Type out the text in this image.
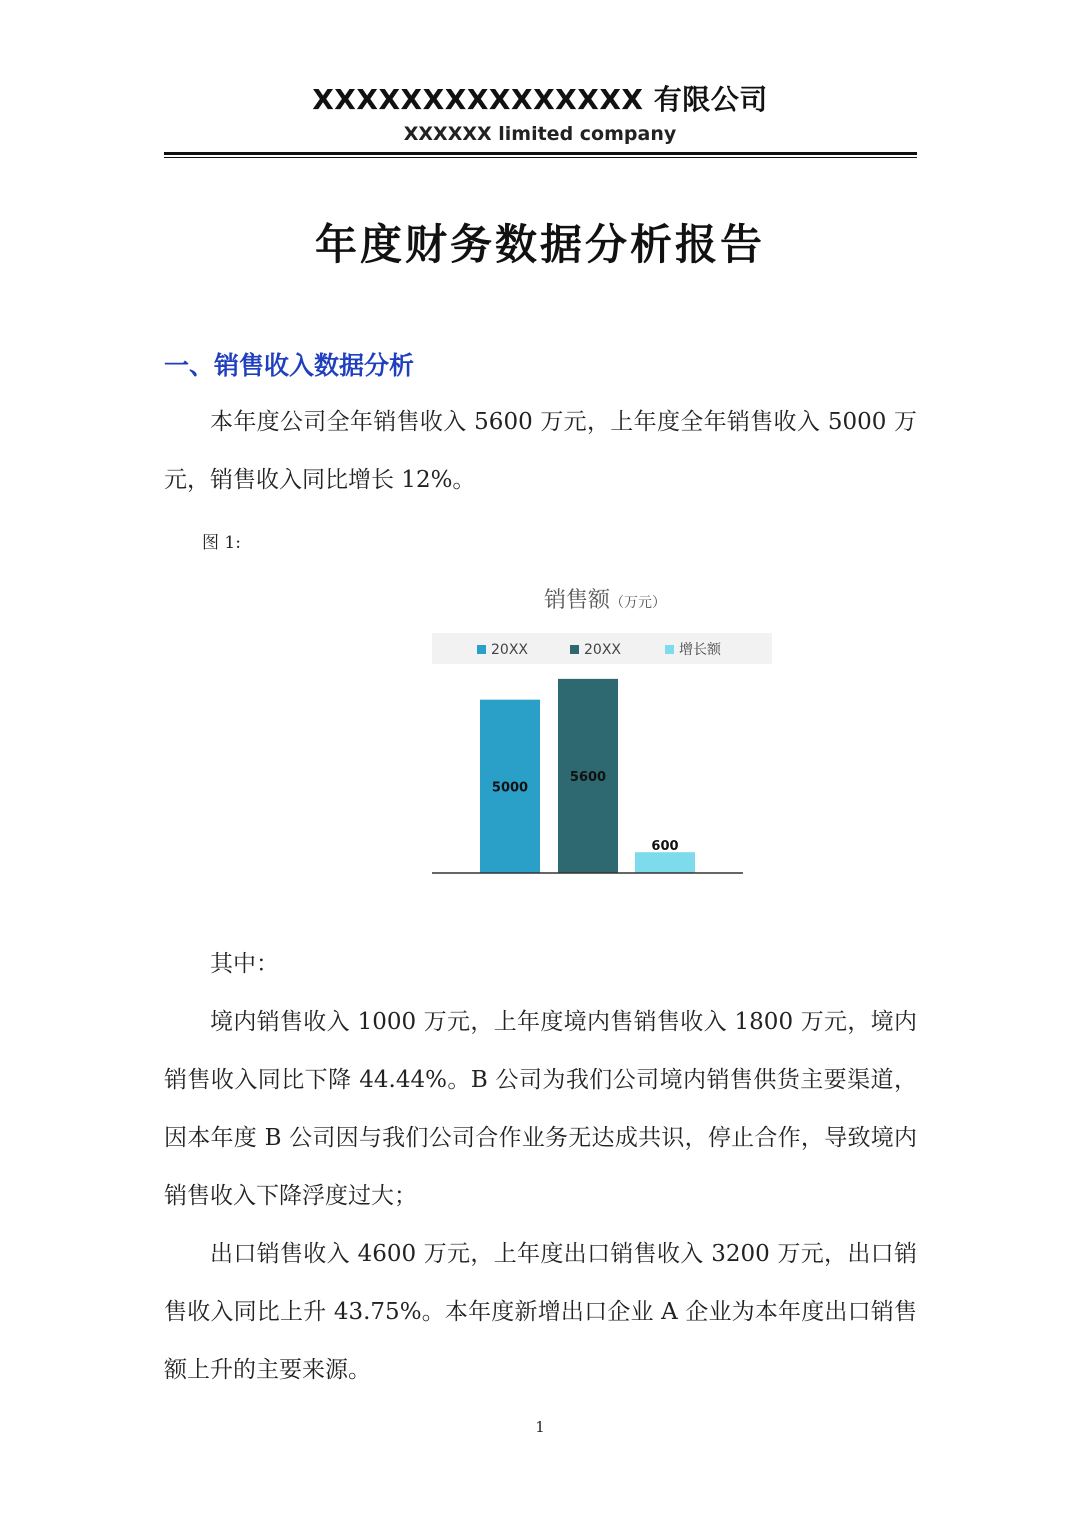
XXXXXXXXXXXXXXX 有限公司
XXXXXX limited company
年度财务数据分析报告
一、销售收入数据分析
本年度公司全年销售收入 5600 万元，上年度全年销售收入 5000 万元，销售收入同比增长 12%。
图 1:
销售额（万元）
20XX	20XX	增长额
5000
5600
600
其中：
境内销售收入 1000 万元，上年度境内售销售收入 1800 万元，境内销售收入同比下降 44.44%。B 公司为我们公司境内销售供货主要渠道，因本年度 B 公司因与我们公司合作业务无达成共识，停止合作，导致境内销售收入下降浮度过大；
出口销售收入 4600 万元，上年度出口销售收入 3200 万元，出口销售收入同比上升 43.75%。本年度新增出口企业 A 企业为本年度出口销售额上升的主要来源。
1
